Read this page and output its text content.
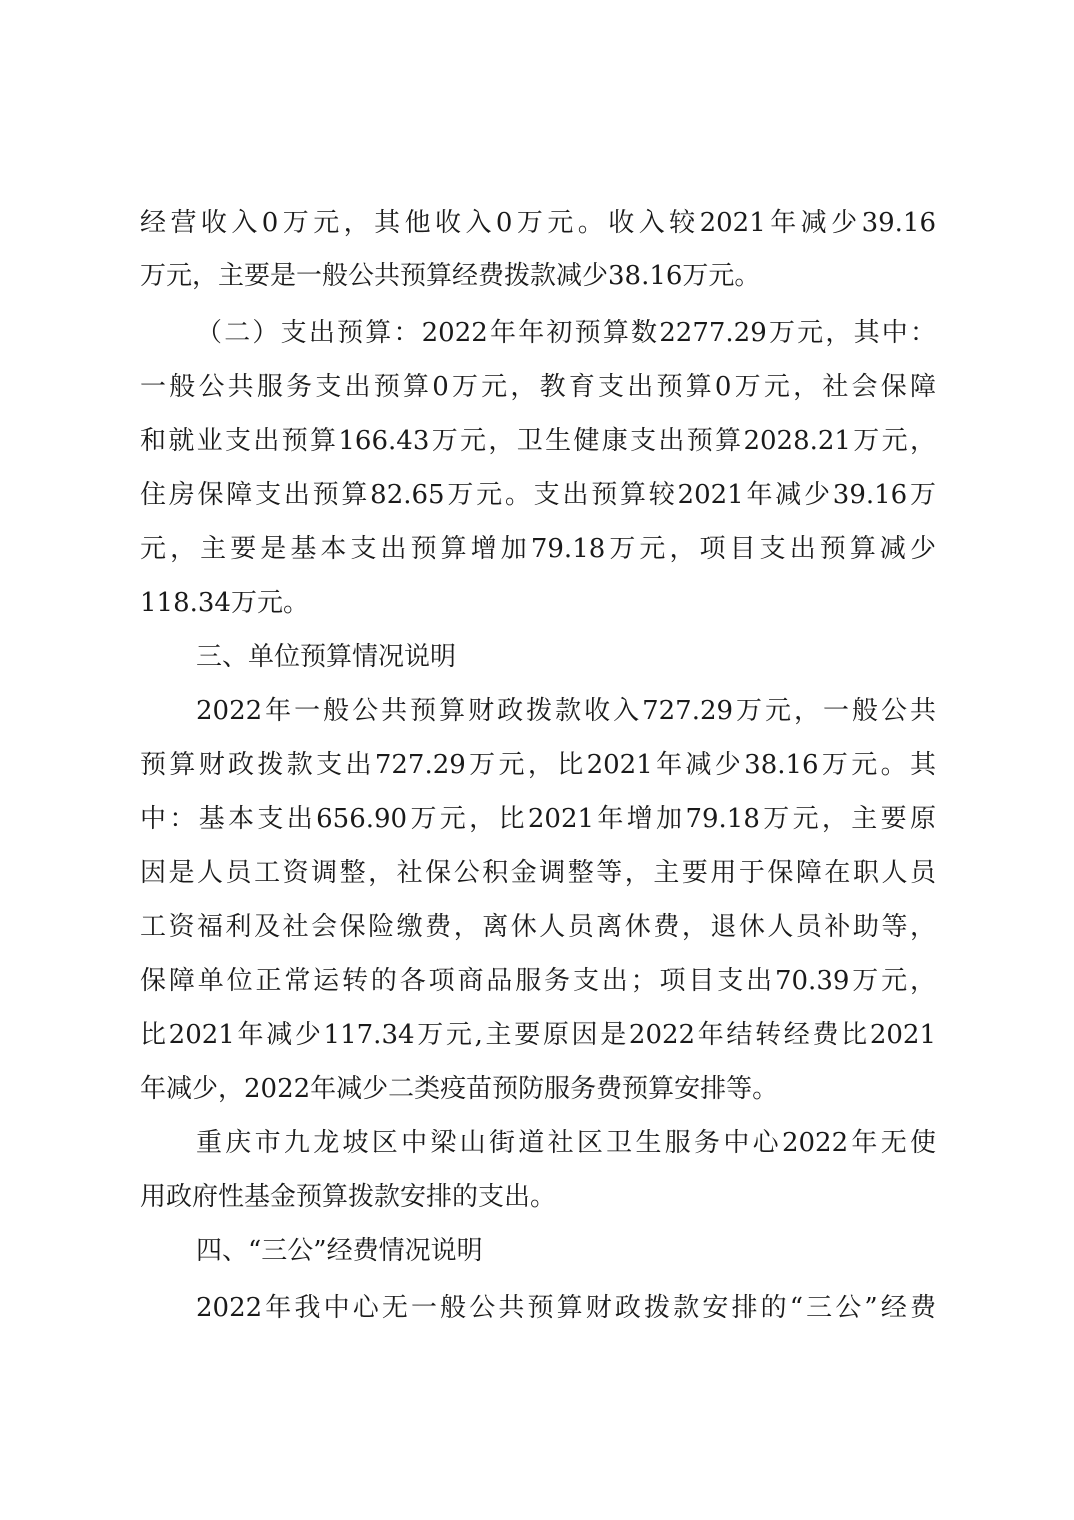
经营收入0万元，其他收入0万元。收入较2021年减少39.16
万元，主要是一般公共预算经费拨款减少38.16万元。
（二）支出预算：2022年年初预算数2277.29万元，其中：
一般公共服务支出预算0万元，教育支出预算0万元，社会保障
和就业支出预算166.43万元，卫生健康支出预算2028.21万元，
住房保障支出预算82.65万元。支出预算较2021年减少39.16万
元，主要是基本支出预算增加79.18万元，项目支出预算减少
118.34万元。
三、单位预算情况说明
2022年一般公共预算财政拨款收入727.29万元，一般公共
预算财政拨款支出727.29万元，比2021年减少38.16万元。其
中：基本支出656.90万元，比2021年增加79.18万元，主要原
因是人员工资调整，社保公积金调整等，主要用于保障在职人员
工资福利及社会保险缴费，离休人员离休费，退休人员补助等，
保障单位正常运转的各项商品服务支出；项目支出70.39万元，
比2021年减少117.34万元,主要原因是2022年结转经费比2021
年减少，2022年减少二类疫苗预防服务费预算安排等。
重庆市九龙坡区中梁山街道社区卫生服务中心2022年无使
用政府性基金预算拨款安排的支出。
四、“三公”经费情况说明
2022年我中心无一般公共预算财政拨款安排的“三公”经费
